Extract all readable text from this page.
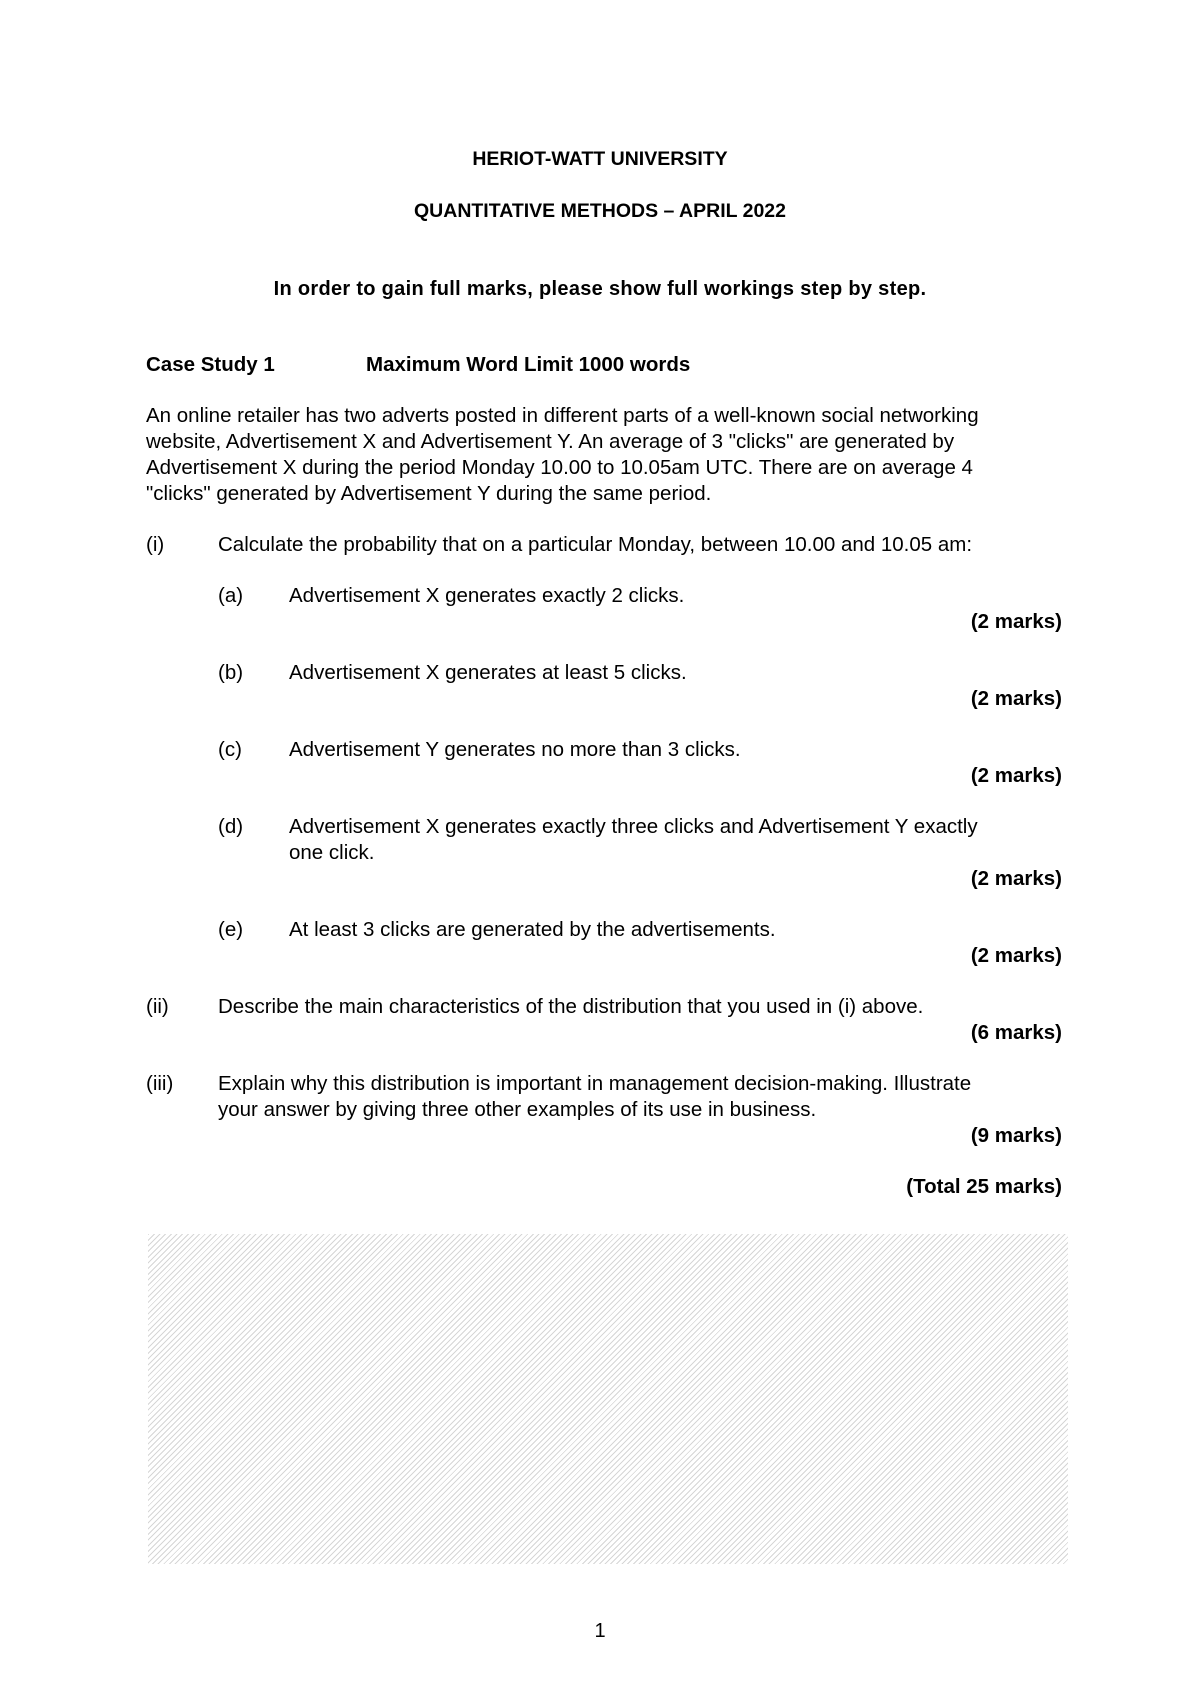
HERIOT-WATT UNIVERSITY
QUANTITATIVE METHODS – APRIL 2022
In order to gain full marks, please show full workings step by step.
Case Study 1	Maximum Word Limit 1000 words
An online retailer has two adverts posted in different parts of a well-known social networking
website, Advertisement X and Advertisement Y. An average of 3 "clicks" are generated by
Advertisement X during the period Monday 10.00 to 10.05am UTC. There are on average 4
"clicks" generated by Advertisement Y during the same period.
(i)	Calculate the probability that on a particular Monday, between 10.00 and 10.05 am:
(a) Advertisement X generates exactly 2 clicks.
(2 marks)
(b) Advertisement X generates at least 5 clicks.
(2 marks)
(c) Advertisement Y generates no more than 3 clicks.
(2 marks)
(d) Advertisement X generates exactly three clicks and Advertisement Y exactly
one click.
(2 marks)
(e) At least 3 clicks are generated by the advertisements.
(2 marks)
(ii) Describe the main characteristics of the distribution that you used in (i) above.
(6 marks)
(iii) Explain why this distribution is important in management decision-making. Illustrate
your answer by giving three other examples of its use in business.
(9 marks)
(Total 25 marks)
1
